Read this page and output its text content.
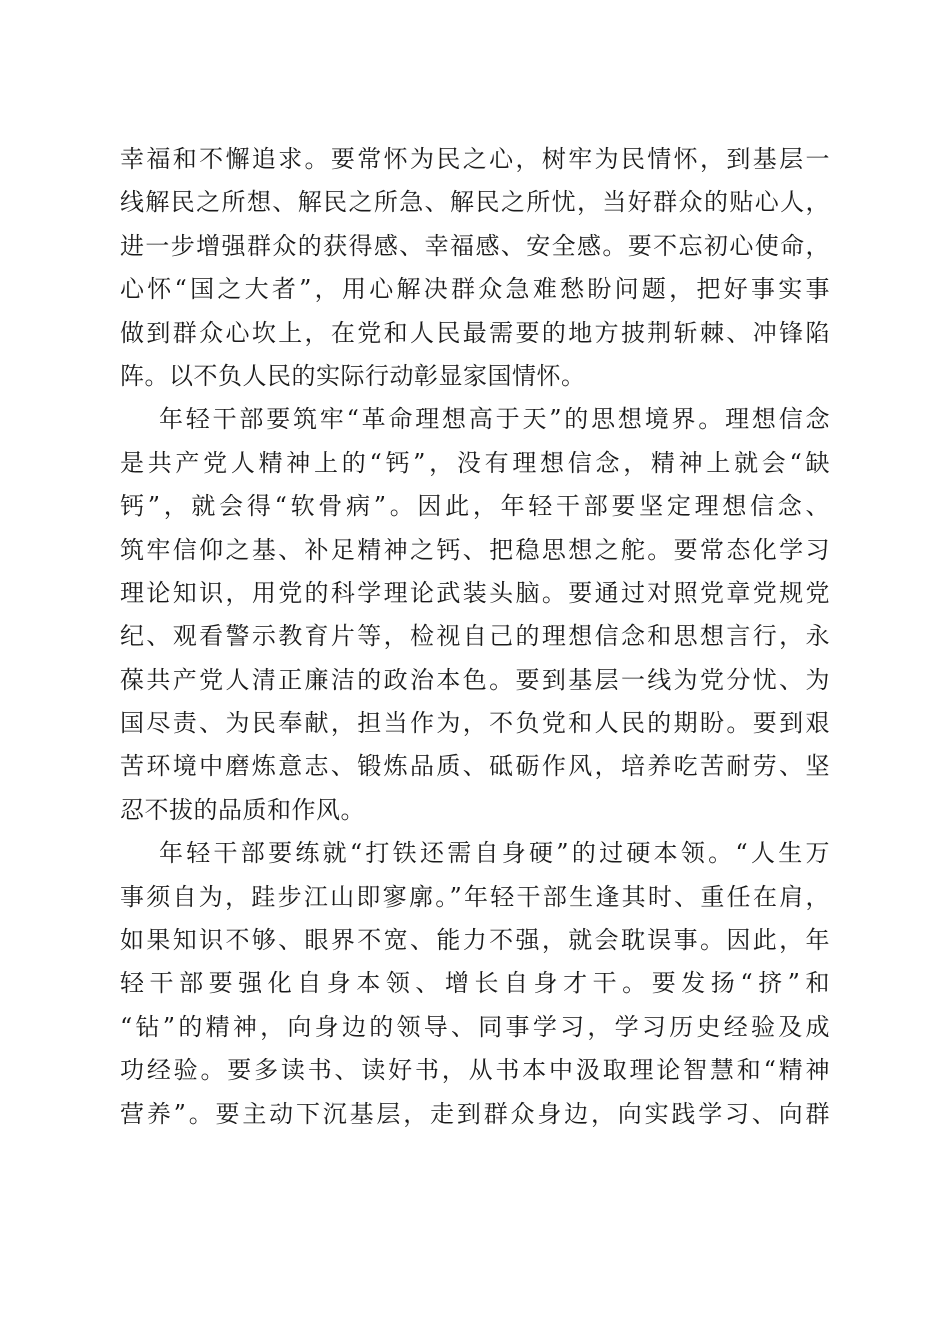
幸福和不懈追求。要常怀为民之心，树牢为民情怀，到基层一
线解民之所想、解民之所急、解民之所忧，当好群众的贴心人，
进一步增强群众的获得感、幸福感、安全感。要不忘初心使命，
心怀“国之大者”，用心解决群众急难愁盼问题，把好事实事
做到群众心坎上，在党和人民最需要的地方披荆斩棘、冲锋陷
阵。以不负人民的实际行动彰显家国情怀。
年轻干部要筑牢“革命理想高于天”的思想境界。理想信念
是共产党人精神上的“钙”，没有理想信念，精神上就会“缺
钙”，就会得“软骨病”。因此，年轻干部要坚定理想信念、
筑牢信仰之基、补足精神之钙、把稳思想之舵。要常态化学习
理论知识，用党的科学理论武装头脑。要通过对照党章党规党
纪、观看警示教育片等，检视自己的理想信念和思想言行，永
葆共产党人清正廉洁的政治本色。要到基层一线为党分忧、为
国尽责、为民奉献，担当作为，不负党和人民的期盼。要到艰
苦环境中磨炼意志、锻炼品质、砥砺作风，培养吃苦耐劳、坚
忍不拔的品质和作风。
年轻干部要练就“打铁还需自身硬”的过硬本领。“人生万
事须自为，跬步江山即寥廓。”年轻干部生逢其时、重任在肩，
如果知识不够、眼界不宽、能力不强，就会耽误事。因此，年
轻干部要强化自身本领、增长自身才干。要发扬“挤”和
“钻”的精神，向身边的领导、同事学习，学习历史经验及成
功经验。要多读书、读好书，从书本中汲取理论智慧和“精神
营养”。要主动下沉基层，走到群众身边，向实践学习、向群
